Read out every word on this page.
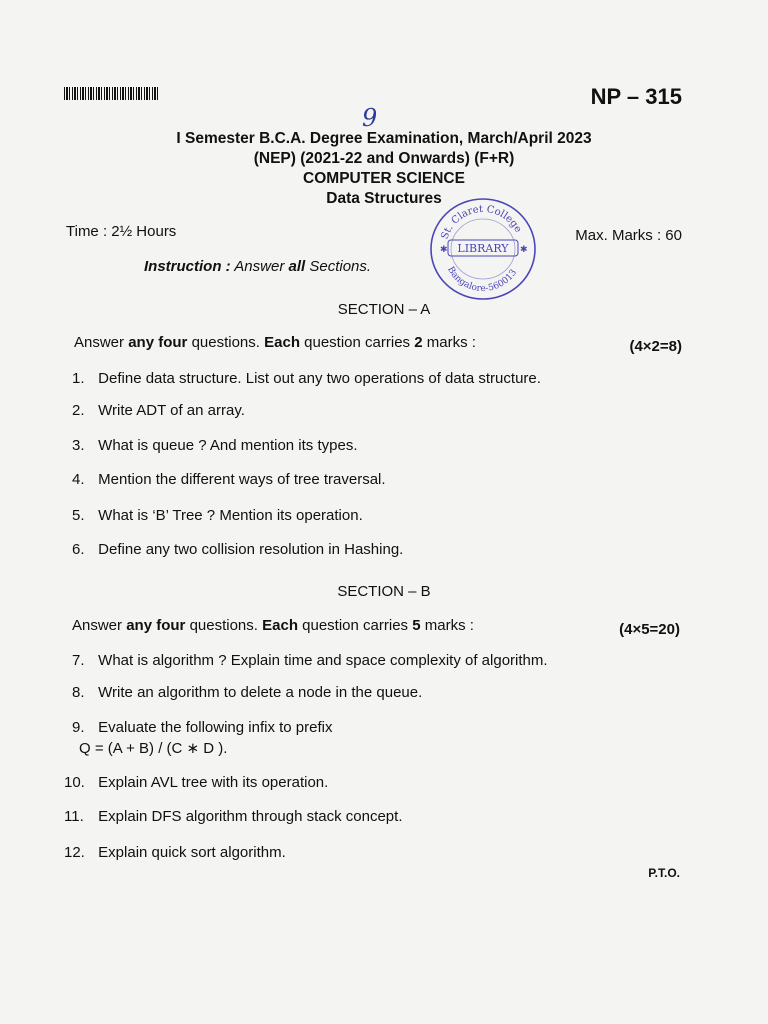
NP – 315
9
I Semester B.C.A. Degree Examination, March/April 2023
(NEP) (2021-22 and Onwards) (F+R)
COMPUTER SCIENCE
Data Structures
Time : 2½ Hours	Max. Marks : 60
Instruction : Answer all Sections.
St. Claret College
Bangalore-560013
LIBRARY
✱	✱
SECTION – A
Answer any four questions. Each question carries 2 marks :	(4×2=8)
1. Define data structure. List out any two operations of data structure.
2. Write ADT of an array.
3. What is queue ? And mention its types.
4. Mention the different ways of tree traversal.
5. What is ‘B’ Tree ? Mention its operation.
6. Define any two collision resolution in Hashing.
SECTION – B
Answer any four questions. Each question carries 5 marks :	(4×5=20)
7. What is algorithm ? Explain time and space complexity of algorithm.
8. Write an algorithm to delete a node in the queue.
9. Evaluate the following infix to prefix
Q = (A + B) / (C ∗ D ).
10. Explain AVL tree with its operation.
11. Explain DFS algorithm through stack concept.
12. Explain quick sort algorithm.
P.T.O.
